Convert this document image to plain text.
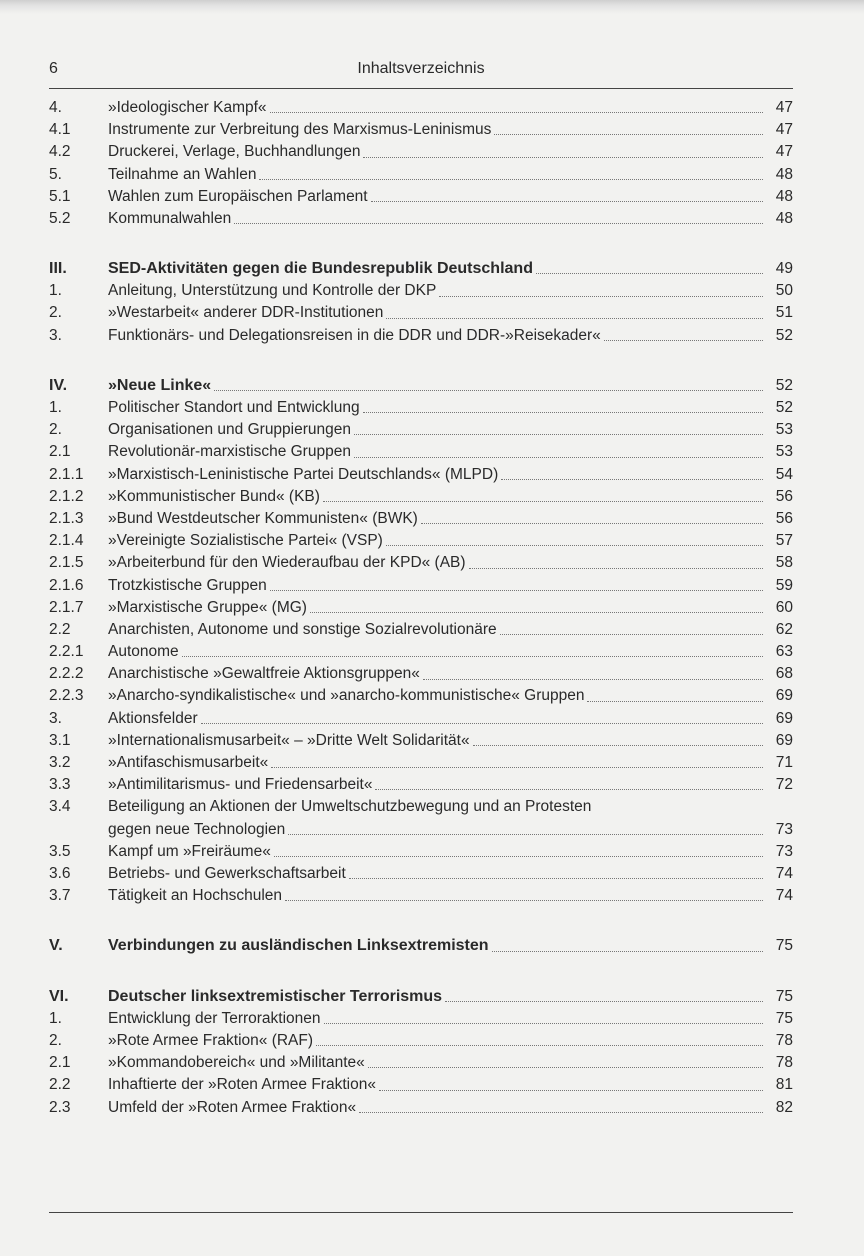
6	Inhaltsverzeichnis
4.	»Ideologischer Kampf«	47
4.1	Instrumente zur Verbreitung des Marxismus-Leninismus	47
4.2	Druckerei, Verlage, Buchhandlungen	47
5.	Teilnahme an Wahlen	48
5.1	Wahlen zum Europäischen Parlament	48
5.2	Kommunalwahlen	48
III.	SED-Aktivitäten gegen die Bundesrepublik Deutschland	49
1.	Anleitung, Unterstützung und Kontrolle der DKP	50
2.	»Westarbeit« anderer DDR-Institutionen	51
3.	Funktionärs- und Delegationsreisen in die DDR und DDR-»Reisekader«	52
IV.	»Neue Linke«	52
1.	Politischer Standort und Entwicklung	52
2.	Organisationen und Gruppierungen	53
2.1	Revolutionär-marxistische Gruppen	53
2.1.1	»Marxistisch-Leninistische Partei Deutschlands« (MLPD)	54
2.1.2	»Kommunistischer Bund« (KB)	56
2.1.3	»Bund Westdeutscher Kommunisten« (BWK)	56
2.1.4	»Vereinigte Sozialistische Partei« (VSP)	57
2.1.5	»Arbeiterbund für den Wiederaufbau der KPD« (AB)	58
2.1.6	Trotzkistische Gruppen	59
2.1.7	»Marxistische Gruppe« (MG)	60
2.2	Anarchisten, Autonome und sonstige Sozialrevolutionäre	62
2.2.1	Autonome	63
2.2.2	Anarchistische »Gewaltfreie Aktionsgruppen«	68
2.2.3	»Anarcho-syndikalistische« und »anarcho-kommunistische« Gruppen	69
3.	Aktionsfelder	69
3.1	»Internationalismusarbeit« – »Dritte Welt Solidarität«	69
3.2	»Antifaschismusarbeit«	71
3.3	»Antimilitarismus- und Friedensarbeit«	72
3.4	Beteiligung an Aktionen der Umweltschutzbewegung und an Protesten
gegen neue Technologien	73
3.5	Kampf um »Freiräume«	73
3.6	Betriebs- und Gewerkschaftsarbeit	74
3.7	Tätigkeit an Hochschulen	74
V.	Verbindungen zu ausländischen Linksextremisten	75
VI.	Deutscher linksextremistischer Terrorismus	75
1.	Entwicklung der Terroraktionen	75
2.	»Rote Armee Fraktion« (RAF)	78
2.1	»Kommandobereich« und »Militante«	78
2.2	Inhaftierte der »Roten Armee Fraktion«	81
2.3	Umfeld der »Roten Armee Fraktion«	82
